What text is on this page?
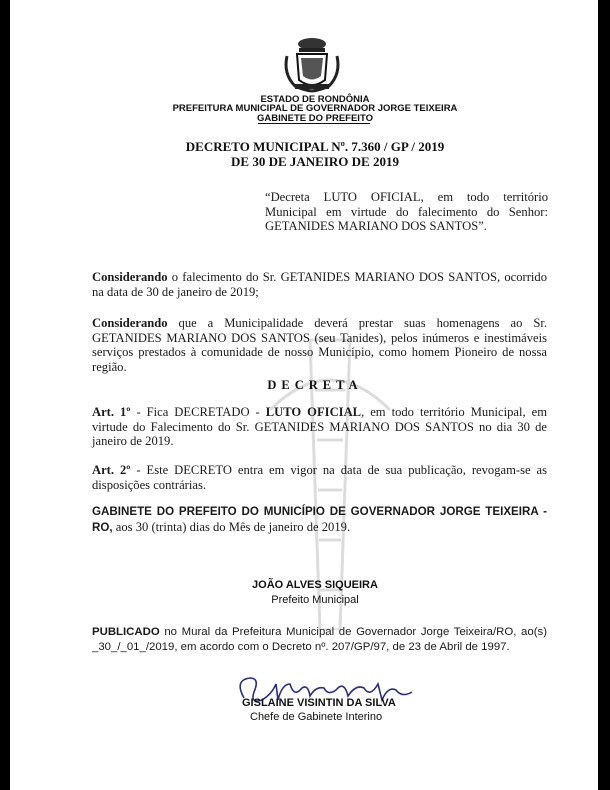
ESTADO DE RONDÔNIA
PREFEITURA MUNICIPAL DE GOVERNADOR JORGE TEIXEIRA
GABINETE DO PREFEITO
DECRETO MUNICIPAL Nº. 7.360 / GP / 2019
DE 30 DE JANEIRO DE 2019
“Decreta LUTO OFICIAL, em todo território Municipal em virtude do falecimento do Senhor: GETANIDES MARIANO DOS SANTOS”.
Considerando o falecimento do Sr. GETANIDES MARIANO DOS SANTOS, ocorrido na data de 30 de janeiro de 2019;
Considerando que a Municipalidade deverá prestar suas homenagens ao Sr. GETANIDES MARIANO DOS SANTOS (seu Tanides), pelos inúmeros e inestimáveis serviços prestados à comunidade de nosso Município, como homem Pioneiro de nossa região.
DECRETA
Art. 1º - Fica DECRETADO - LUTO OFICIAL, em todo território Municipal, em virtude do Falecimento do Sr. GETANIDES MARIANO DOS SANTOS no dia 30 de janeiro de 2019.
Art. 2º - Este DECRETO entra em vigor na data de sua publicação, revogam-se as disposições contrárias.
GABINETE DO PREFEITO DO MUNICÍPIO DE GOVERNADOR JORGE TEIXEIRA - RO, aos 30 (trinta) dias do Mês de janeiro de 2019.
JOÃO ALVES SIQUEIRA
Prefeito Municipal
PUBLICADO no Mural da Prefeitura Municipal de Governador Jorge Teixeira/RO, ao(s) _30_/_01_/2019, em acordo com o Decreto nº. 207/GP/97, de 23 de Abril de 1997.
GISLAINE VISINTIN DA SILVA
Chefe de Gabinete Interino
